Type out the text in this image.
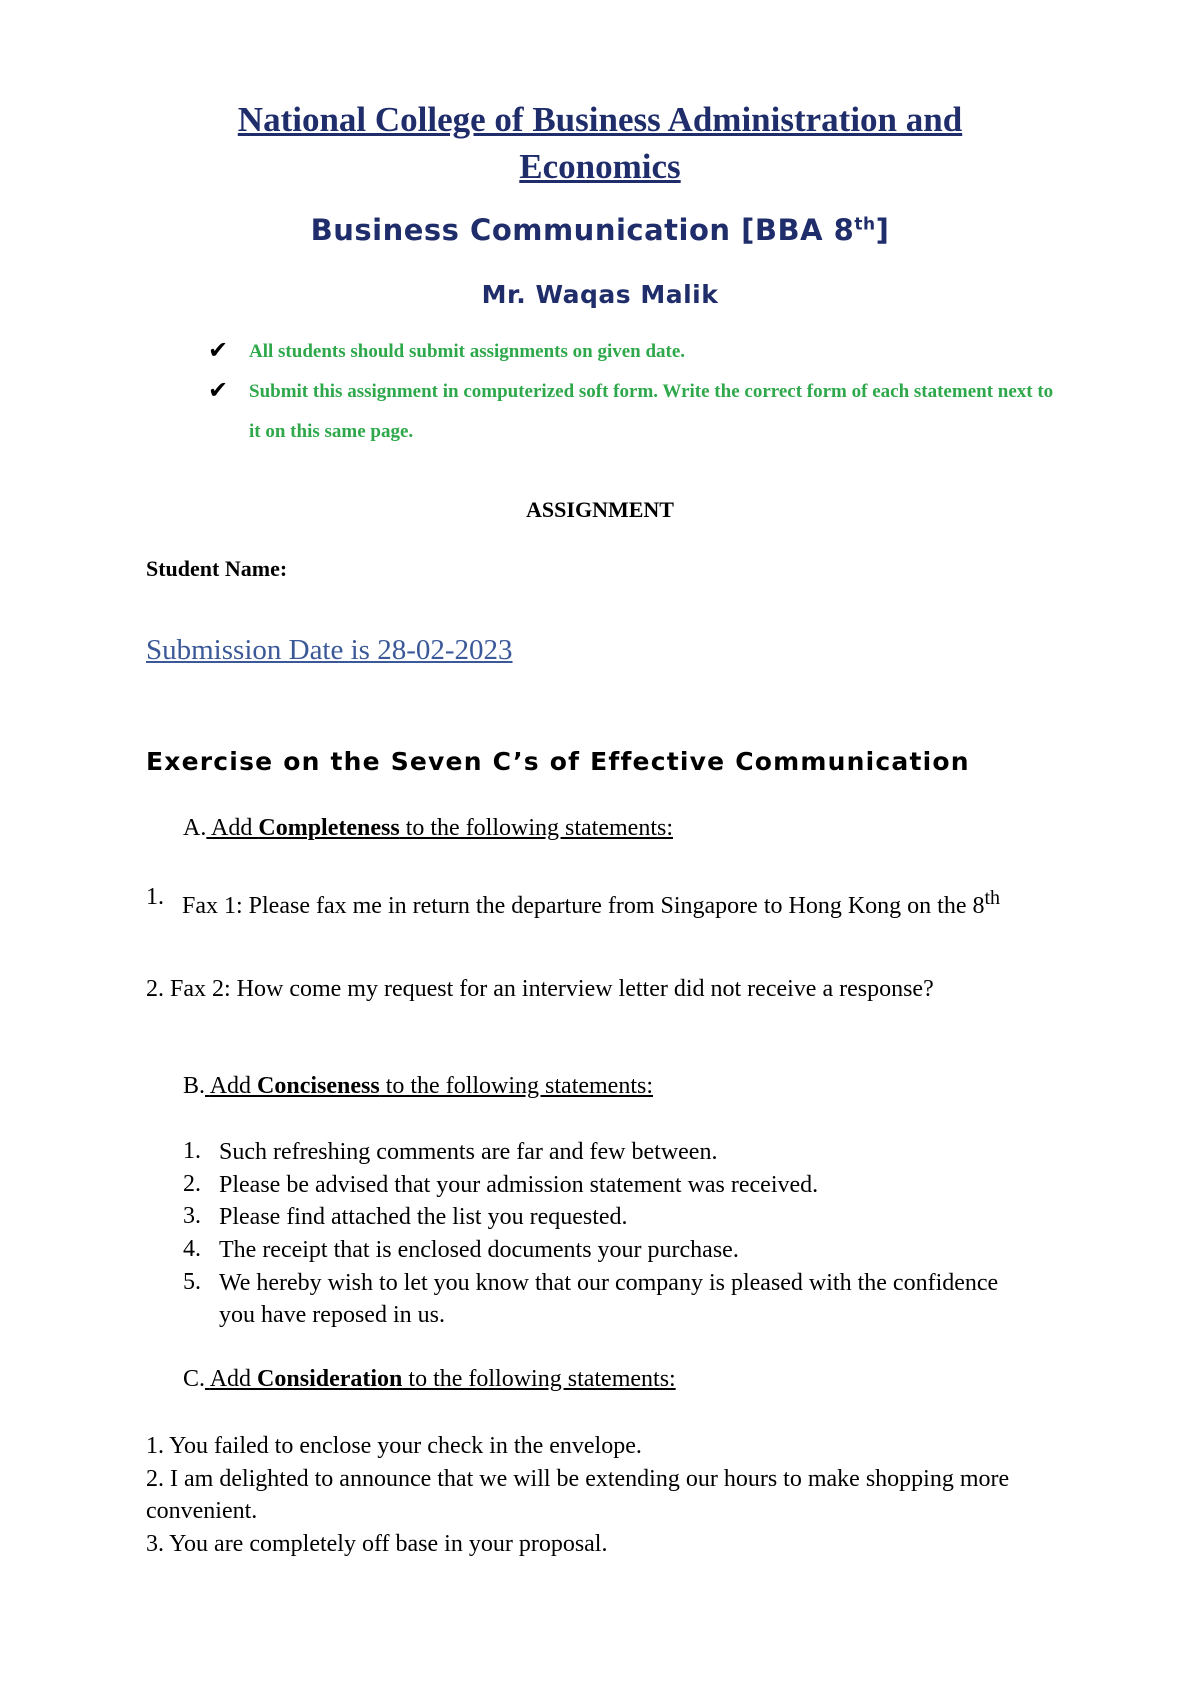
National College of Business Administration and Economics
Business Communication [BBA 8th]
Mr. Waqas Malik
✔ All students should submit assignments on given date.
✔ Submit this assignment in computerized soft form. Write the correct form of each statement next to it on this same page.
ASSIGNMENT
Student Name:
Submission Date is 28-02-2023
Exercise on the Seven C’s of Effective Communication
A. Add Completeness to the following statements:
1. Fax 1: Please fax me in return the departure from Singapore to Hong Kong on the 8th
2. Fax 2: How come my request for an interview letter did not receive a response?
B. Add Conciseness to the following statements:
1. Such refreshing comments are far and few between.
2. Please be advised that your admission statement was received.
3. Please find attached the list you requested.
4. The receipt that is enclosed documents your purchase.
5. We hereby wish to let you know that our company is pleased with the confidence you have reposed in us.
C. Add Consideration to the following statements:
1. You failed to enclose your check in the envelope.
2. I am delighted to announce that we will be extending our hours to make shopping more convenient.
3. You are completely off base in your proposal.
